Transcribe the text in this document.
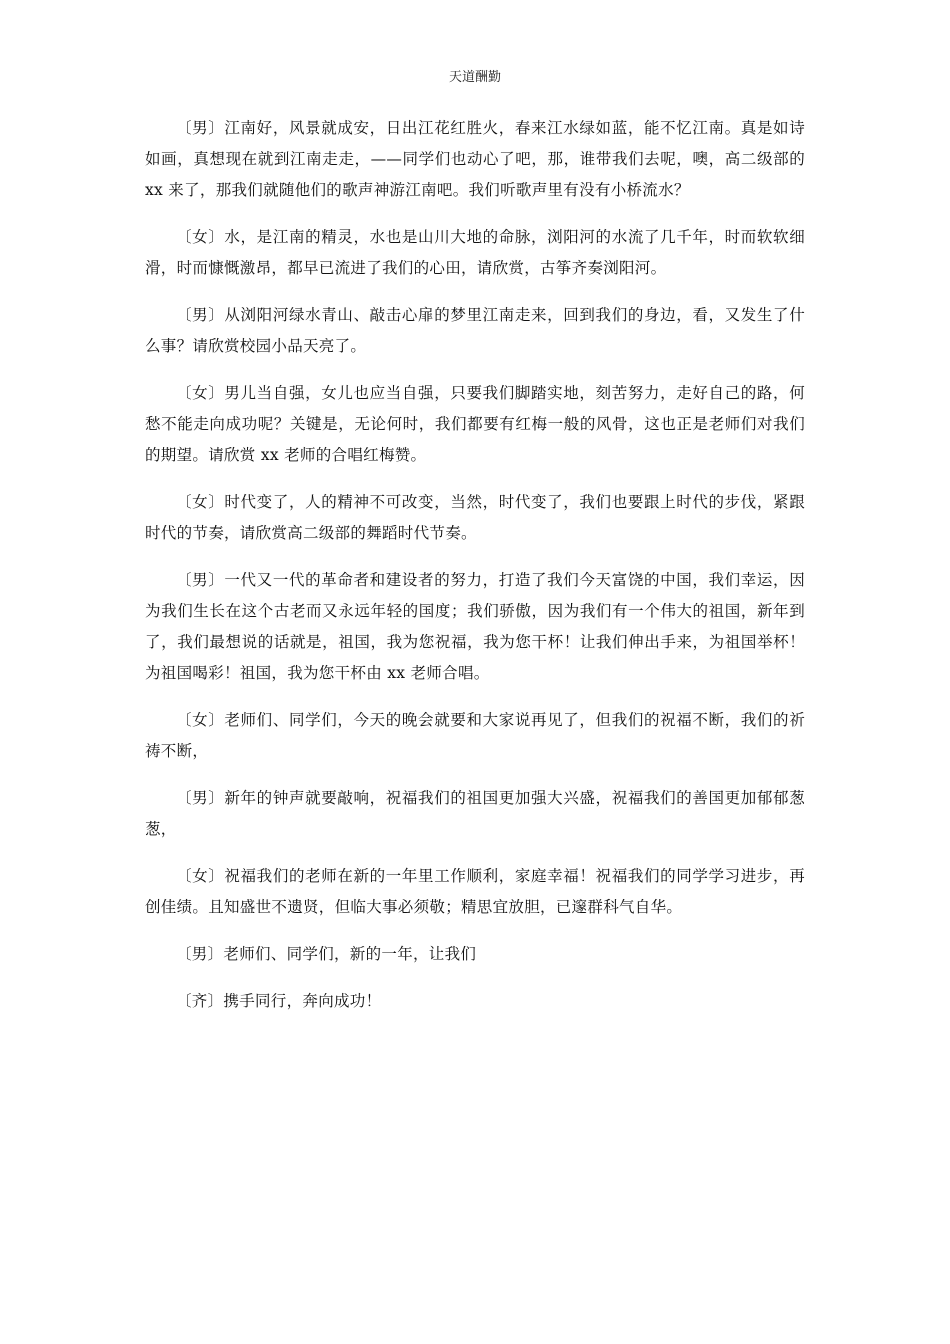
天道酬勤

〔男〕江南好，风景就成安，日出江花红胜火，春来江水绿如蓝，能不忆江南。真是如诗如画，真想现在就到江南走走，——同学们也动心了吧，那，谁带我们去呢，噢，高二级部的 xx 来了，那我们就随他们的歌声神游江南吧。我们听歌声里有没有小桥流水？

〔女〕水，是江南的精灵，水也是山川大地的命脉，浏阳河的水流了几千年，时而软软细滑，时而慷慨激昂，都早已流进了我们的心田，请欣赏，古筝齐奏浏阳河。

〔男〕从浏阳河绿水青山、敲击心扉的梦里江南走来，回到我们的身边，看，又发生了什么事？请欣赏校园小品天亮了。

〔女〕男儿当自强，女儿也应当自强，只要我们脚踏实地，刻苦努力，走好自己的路，何愁不能走向成功呢？关键是，无论何时，我们都要有红梅一般的风骨，这也正是老师们对我们的期望。请欣赏 xx 老师的合唱红梅赞。

〔女〕时代变了，人的精神不可改变，当然，时代变了，我们也要跟上时代的步伐，紧跟时代的节奏，请欣赏高二级部的舞蹈时代节奏。

〔男〕一代又一代的革命者和建设者的努力，打造了我们今天富饶的中国，我们幸运，因为我们生长在这个古老而又永远年轻的国度；我们骄傲，因为我们有一个伟大的祖国，新年到了，我们最想说的话就是，祖国，我为您祝福，我为您干杯！让我们伸出手来，为祖国举杯！为祖国喝彩！祖国，我为您干杯由 xx 老师合唱。

〔女〕老师们、同学们，今天的晚会就要和大家说再见了，但我们的祝福不断，我们的祈祷不断，

〔男〕新年的钟声就要敲响，祝福我们的祖国更加强大兴盛，祝福我们的善国更加郁郁葱葱，

〔女〕祝福我们的老师在新的一年里工作顺利，家庭幸福！祝福我们的同学学习进步，再创佳绩。且知盛世不遗贤，但临大事必须敬；精思宜放胆，已邃群科气自华。

〔男〕老师们、同学们，新的一年，让我们

〔齐〕携手同行，奔向成功！
